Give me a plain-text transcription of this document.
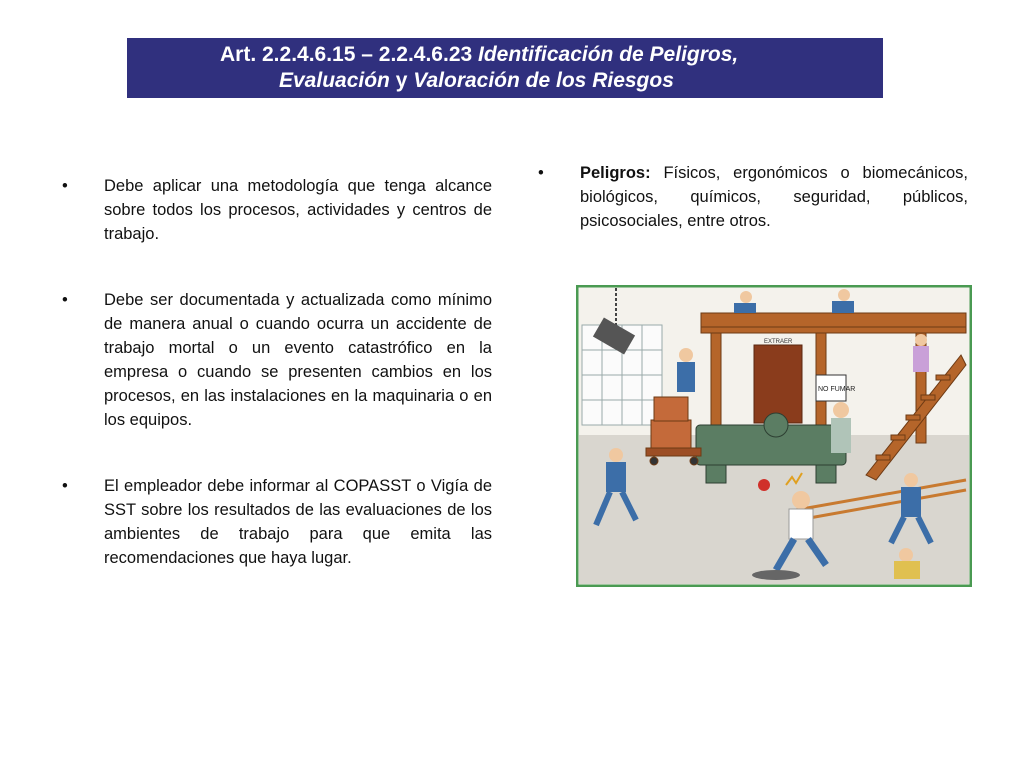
Art. 2.2.4.6.15 – 2.2.4.6.23 Identificación de Peligros,
Evaluación y Valoración de los Riesgos
• Debe aplicar una metodología que tenga alcance sobre todos los procesos, actividades y centros de trabajo.
• Debe ser documentada y actualizada como mínimo de manera anual o cuando ocurra un accidente de trabajo mortal o un evento catastrófico en la empresa o cuando se presenten cambios en los procesos, en las instalaciones en la maquinaria o en los equipos.
• El empleador debe informar al COPASST o Vigía de SST sobre los resultados de las evaluaciones de los ambientes de trabajo para que emita las recomendaciones que haya lugar.
• Peligros: Físicos, ergonómicos o biomecánicos, biológicos, químicos, seguridad, públicos, psicosociales, entre otros.
EXTRAER
NO FUMAR
